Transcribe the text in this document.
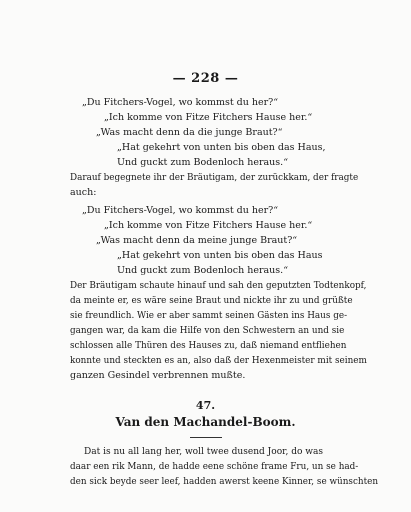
— 228 —
„Du Fitchers-Vogel, wo kommst du her?“
„Ich komme von Fitze Fitchers Hause her.“
„Was macht denn da die junge Braut?“
„Hat gekehrt von unten bis oben das Haus,
Und guckt zum Bodenloch heraus.“
Darauf begegnete ihr der Bräutigam, der zurückkam, der fragte
auch:
„Du Fitchers-Vogel, wo kommst du her?“
„Ich komme von Fitze Fitchers Hause her.“
„Was macht denn da meine junge Braut?“
„Hat gekehrt von unten bis oben das Haus
Und guckt zum Bodenloch heraus.“
Der Bräutigam schaute hinauf und sah den geputzten Todtenkopf,
da meinte er, es wäre seine Braut und nickte ihr zu und grüßte
sie freundlich. Wie er aber sammt seinen Gästen ins Haus ge-
gangen war, da kam die Hilfe von den Schwestern an und sie
schlossen alle Thüren des Hauses zu, daß niemand entfliehen
konnte und steckten es an, also daß der Hexenmeister mit seinem
ganzen Gesindel verbrennen mußte.
47.
Van den Machandel-Boom.
Dat is nu all lang her, woll twee dusend Joor, do was
daar een rik Mann, de hadde eene schöne frame Fru, un se had-
den sick beyde seer leef, hadden awerst keene Kinner, se wünschten
